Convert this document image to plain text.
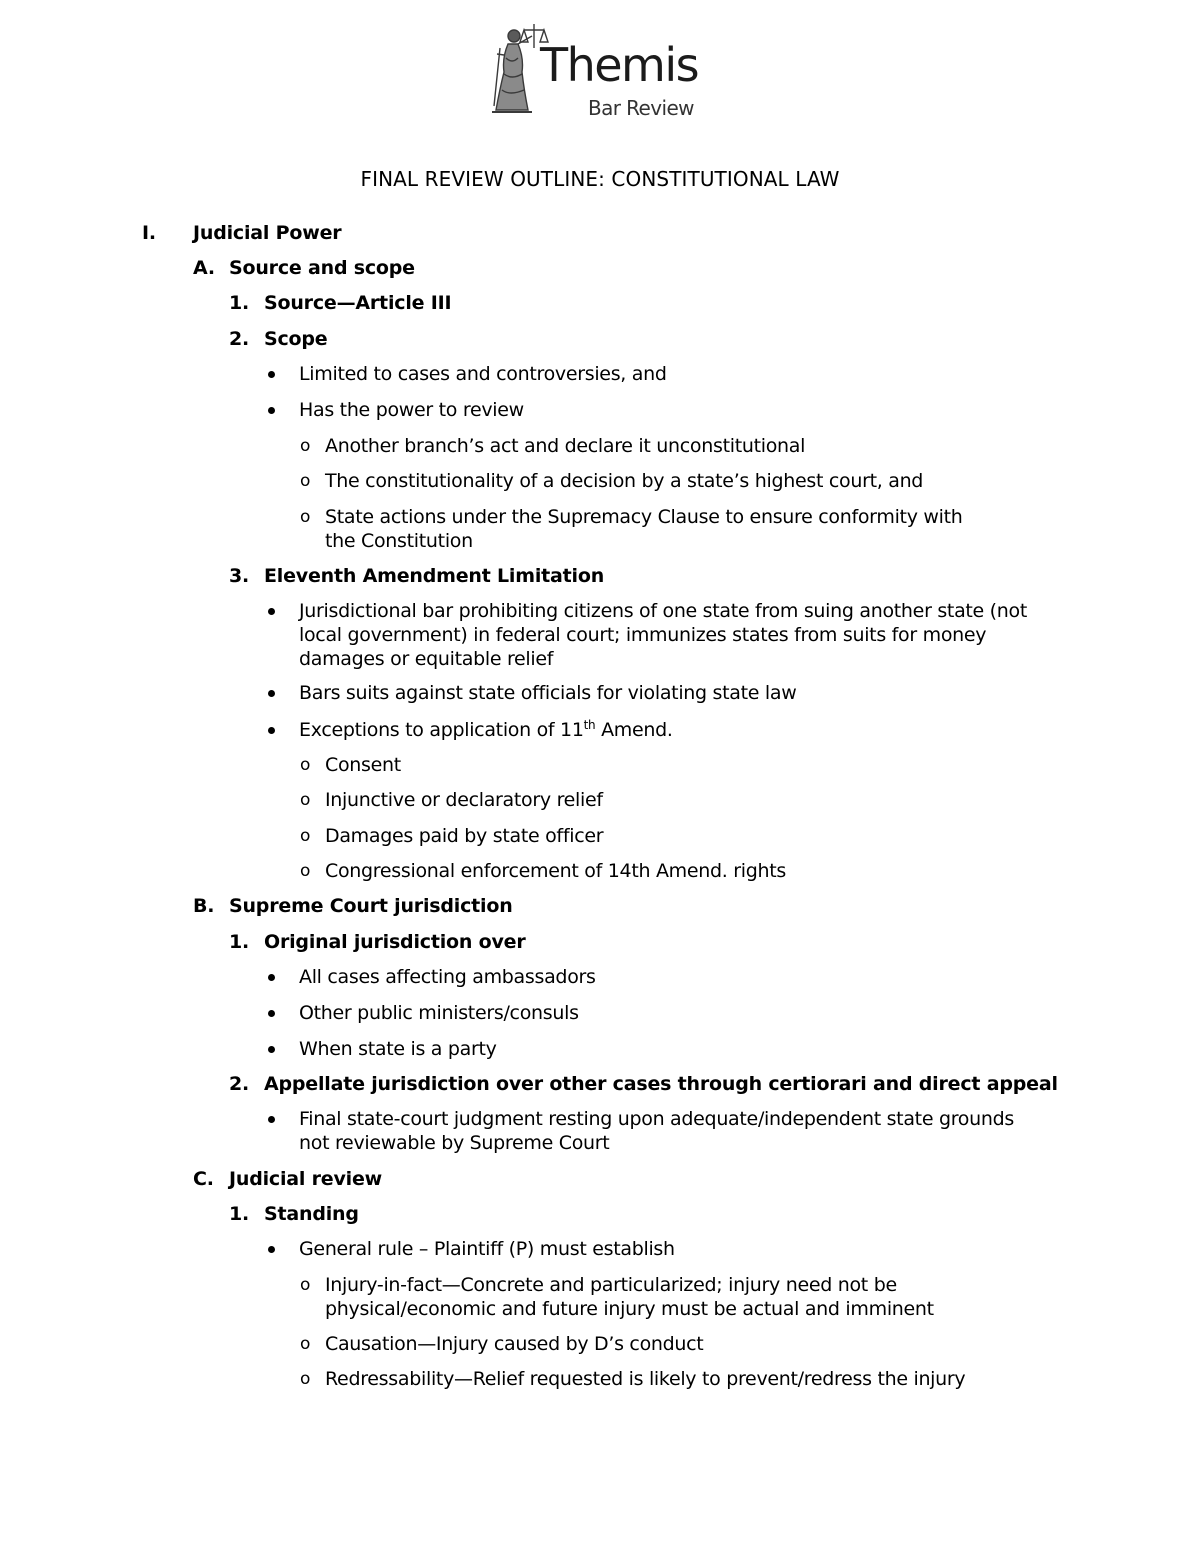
Themis
Bar Review
FINAL REVIEW OUTLINE: CONSTITUTIONAL LAW
I. Judicial Power
A. Source and scope
1. Source—Article III
2. Scope
Limited to cases and controversies, and
Has the power to review
o Another branch’s act and declare it unconstitutional
o The constitutionality of a decision by a state’s highest court, and
o State actions under the Supremacy Clause to ensure conformity with the Constitution
3. Eleventh Amendment Limitation
Jurisdictional bar prohibiting citizens of one state from suing another state (not local government) in federal court; immunizes states from suits for money damages or equitable relief
Bars suits against state officials for violating state law
Exceptions to application of 11th Amend.
o Consent
o Injunctive or declaratory relief
o Damages paid by state officer
o Congressional enforcement of 14th Amend. rights
B. Supreme Court jurisdiction
1. Original jurisdiction over
All cases affecting ambassadors
Other public ministers/consuls
When state is a party
2. Appellate jurisdiction over other cases through certiorari and direct appeal
Final state-court judgment resting upon adequate/independent state grounds not reviewable by Supreme Court
C. Judicial review
1. Standing
General rule – Plaintiff (P) must establish
o Injury-in-fact—Concrete and particularized; injury need not be physical/economic and future injury must be actual and imminent
o Causation—Injury caused by D’s conduct
o Redressability—Relief requested is likely to prevent/redress the injury
